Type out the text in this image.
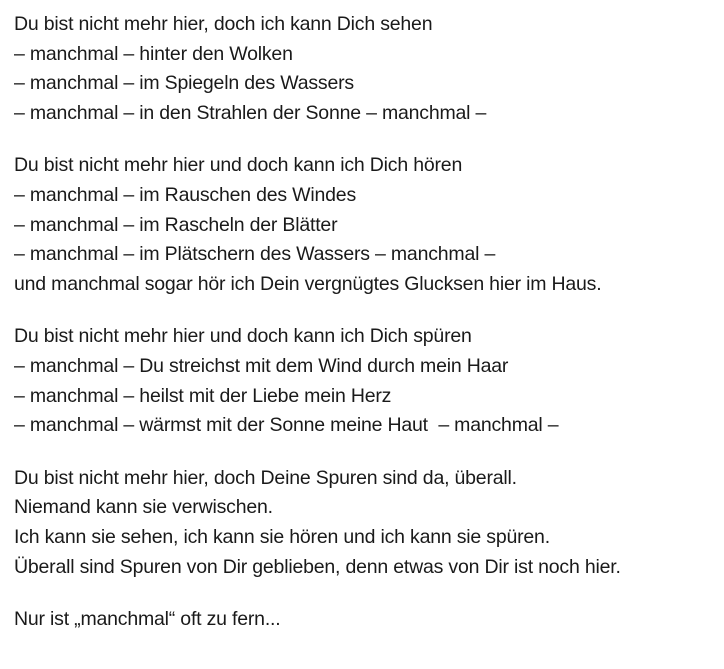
Du bist nicht mehr hier, doch ich kann Dich sehen
– manchmal – hinter den Wolken
– manchmal – im Spiegeln des Wassers
– manchmal – in den Strahlen der Sonne – manchmal –
Du bist nicht mehr hier und doch kann ich Dich hören
– manchmal – im Rauschen des Windes
– manchmal – im Rascheln der Blätter
– manchmal – im Plätschern des Wassers – manchmal –
und manchmal sogar hör ich Dein vergnügtes Glucksen hier im Haus.
Du bist nicht mehr hier und doch kann ich Dich spüren
– manchmal – Du streichst mit dem Wind durch mein Haar
– manchmal – heilst mit der Liebe mein Herz
– manchmal – wärmst mit der Sonne meine Haut  – manchmal –
Du bist nicht mehr hier, doch Deine Spuren sind da, überall.
Niemand kann sie verwischen.
Ich kann sie sehen, ich kann sie hören und ich kann sie spüren.
Überall sind Spuren von Dir geblieben, denn etwas von Dir ist noch hier.
Nur ist „manchmal“ oft zu fern...
